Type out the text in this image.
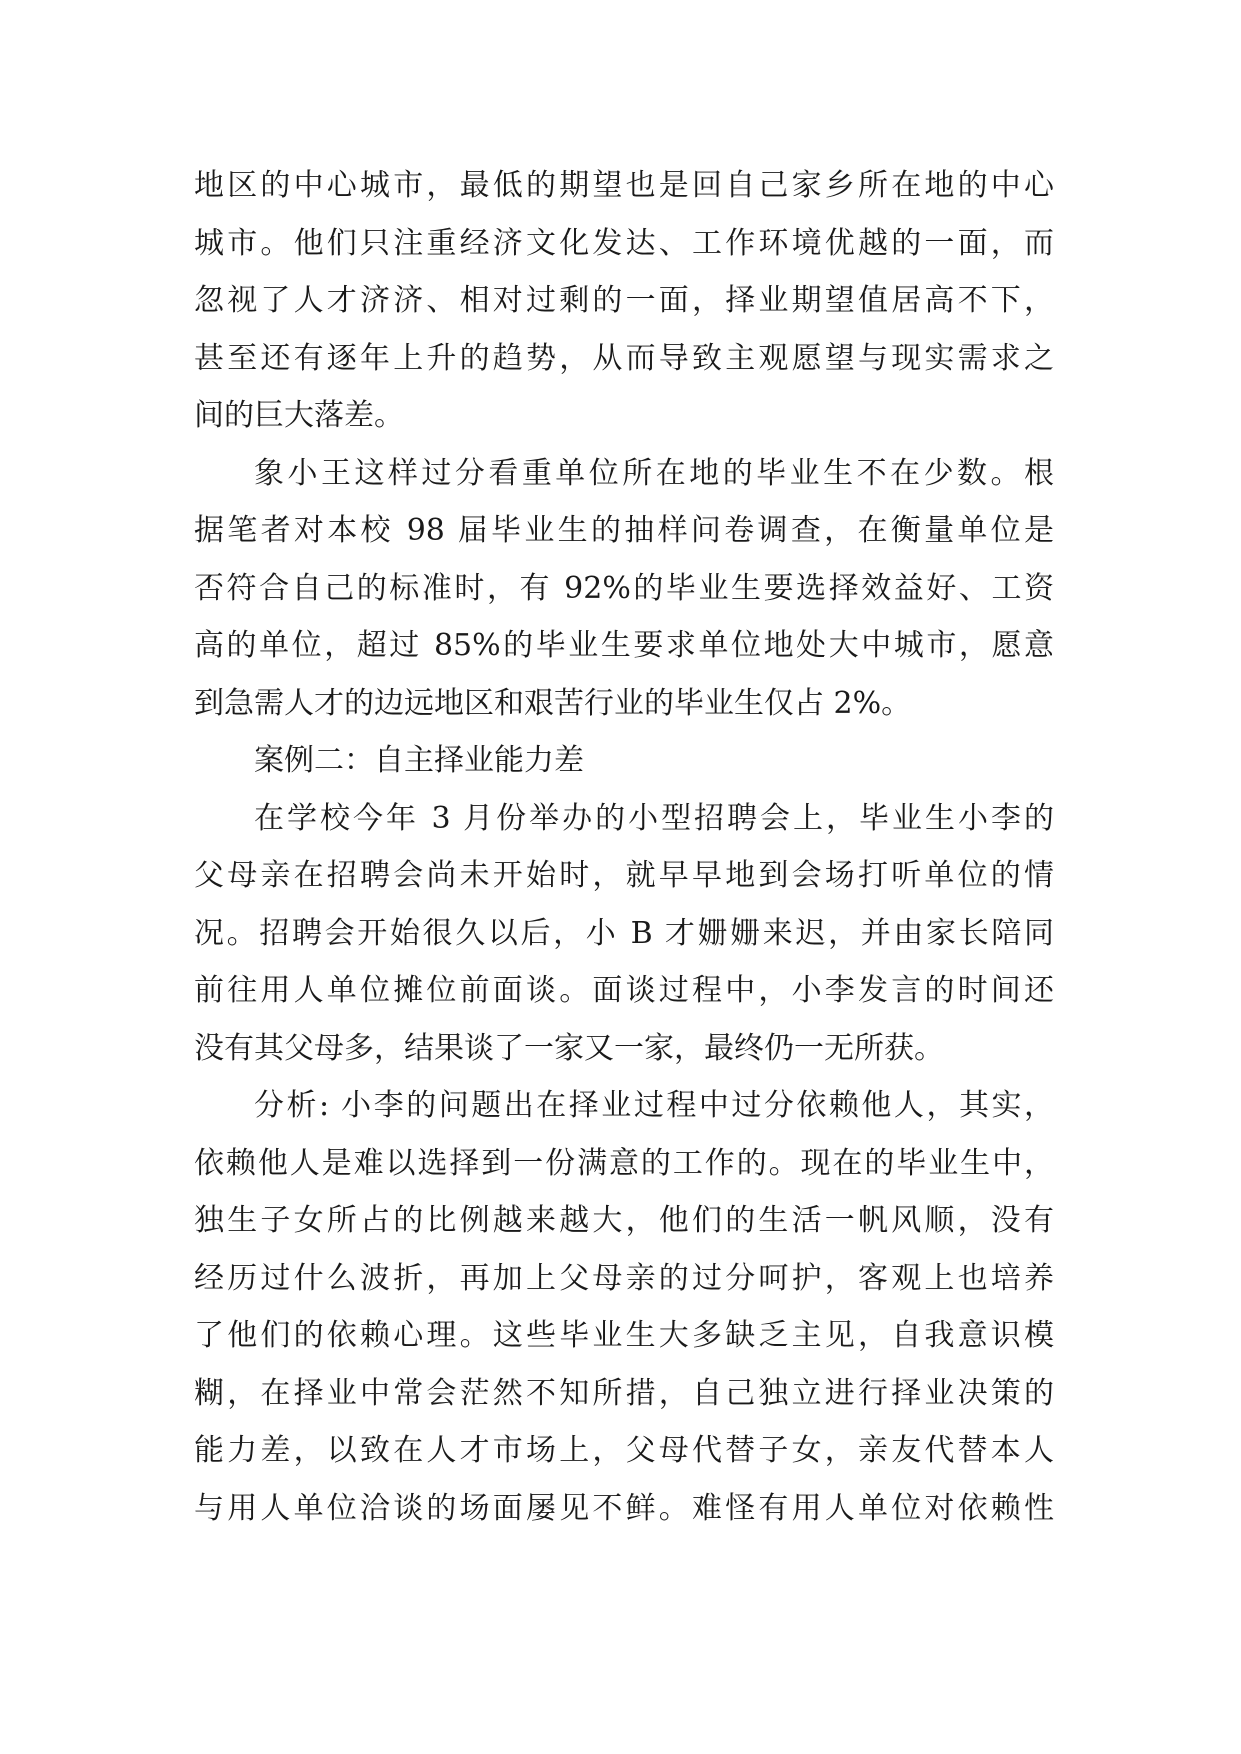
地区的中心城市，最低的期望也是回自己家乡所在地的中心
城市。他们只注重经济文化发达、工作环境优越的一面，而
忽视了人才济济、相对过剩的一面，择业期望值居高不下，
甚至还有逐年上升的趋势，从而导致主观愿望与现实需求之
间的巨大落差。
象小王这样过分看重单位所在地的毕业生不在少数。根
据笔者对本校 98 届毕业生的抽样问卷调查，在衡量单位是
否符合自己的标准时，有 92%的毕业生要选择效益好、工资
高的单位，超过 85%的毕业生要求单位地处大中城市，愿意
到急需人才的边远地区和艰苦行业的毕业生仅占 2%。
案例二：自主择业能力差
在学校今年 3 月份举办的小型招聘会上，毕业生小李的
父母亲在招聘会尚未开始时，就早早地到会场打听单位的情
况。招聘会开始很久以后，小 B 才姗姗来迟，并由家长陪同
前往用人单位摊位前面谈。面谈过程中，小李发言的时间还
没有其父母多，结果谈了一家又一家，最终仍一无所获。
分析: 小李的问题出在择业过程中过分依赖他人，其实，
依赖他人是难以选择到一份满意的工作的。现在的毕业生中，
独生子女所占的比例越来越大，他们的生活一帆风顺，没有
经历过什么波折，再加上父母亲的过分呵护，客观上也培养
了他们的依赖心理。这些毕业生大多缺乏主见，自我意识模
糊，在择业中常会茫然不知所措，自己独立进行择业决策的
能力差，以致在人才市场上，父母代替子女，亲友代替本人
与用人单位洽谈的场面屡见不鲜。难怪有用人单位对依赖性
